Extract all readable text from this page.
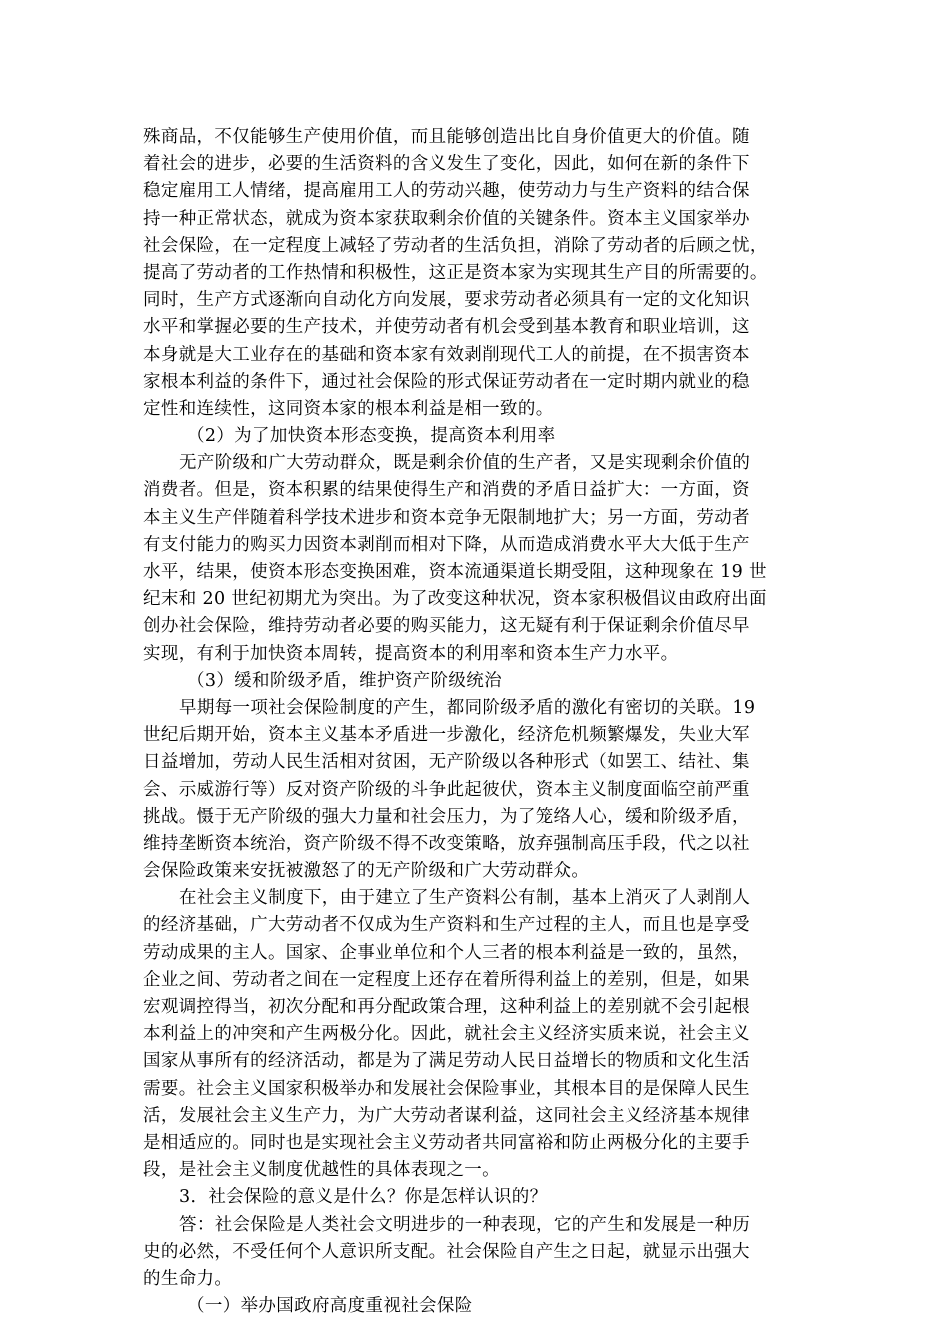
殊商品，不仅能够生产使用价值，而且能够创造出比自身价值更大的价值。随
着社会的进步，必要的生活资料的含义发生了变化，因此，如何在新的条件下
稳定雇用工人情绪，提高雇用工人的劳动兴趣，使劳动力与生产资料的结合保
持一种正常状态，就成为资本家获取剩余价值的关键条件。资本主义国家举办
社会保险，在一定程度上减轻了劳动者的生活负担，消除了劳动者的后顾之忧，
提高了劳动者的工作热情和积极性，这正是资本家为实现其生产目的所需要的。
同时，生产方式逐渐向自动化方向发展，要求劳动者必须具有一定的文化知识
水平和掌握必要的生产技术，并使劳动者有机会受到基本教育和职业培训，这
本身就是大工业存在的基础和资本家有效剥削现代工人的前提，在不损害资本
家根本利益的条件下，通过社会保险的形式保证劳动者在一定时期内就业的稳
定性和连续性，这同资本家的根本利益是相一致的。
（2）为了加快资本形态变换，提高资本利用率
无产阶级和广大劳动群众，既是剩余价值的生产者，又是实现剩余价值的
消费者。但是，资本积累的结果使得生产和消费的矛盾日益扩大：一方面，资
本主义生产伴随着科学技术进步和资本竞争无限制地扩大；另一方面，劳动者
有支付能力的购买力因资本剥削而相对下降，从而造成消费水平大大低于生产
水平，结果，使资本形态变换困难，资本流通渠道长期受阻，这种现象在 19 世
纪末和 20 世纪初期尤为突出。为了改变这种状况，资本家积极倡议由政府出面
创办社会保险，维持劳动者必要的购买能力，这无疑有利于保证剩余价值尽早
实现，有利于加快资本周转，提高资本的利用率和资本生产力水平。
（3）缓和阶级矛盾，维护资产阶级统治
早期每一项社会保险制度的产生，都同阶级矛盾的激化有密切的关联。19
世纪后期开始，资本主义基本矛盾进一步激化，经济危机频繁爆发，失业大军
日益增加，劳动人民生活相对贫困，无产阶级以各种形式（如罢工、结社、集
会、示威游行等）反对资产阶级的斗争此起彼伏，资本主义制度面临空前严重
挑战。慑于无产阶级的强大力量和社会压力，为了笼络人心，缓和阶级矛盾，
维持垄断资本统治，资产阶级不得不改变策略，放弃强制高压手段，代之以社
会保险政策来安抚被激怒了的无产阶级和广大劳动群众。
在社会主义制度下，由于建立了生产资料公有制，基本上消灭了人剥削人
的经济基础，广大劳动者不仅成为生产资料和生产过程的主人，而且也是享受
劳动成果的主人。国家、企事业单位和个人三者的根本利益是一致的，虽然，
企业之间、劳动者之间在一定程度上还存在着所得利益上的差别，但是，如果
宏观调控得当，初次分配和再分配政策合理，这种利益上的差别就不会引起根
本利益上的冲突和产生两极分化。因此，就社会主义经济实质来说，社会主义
国家从事所有的经济活动，都是为了满足劳动人民日益增长的物质和文化生活
需要。社会主义国家积极举办和发展社会保险事业，其根本目的是保障人民生
活，发展社会主义生产力，为广大劳动者谋利益，这同社会主义经济基本规律
是相适应的。同时也是实现社会主义劳动者共同富裕和防止两极分化的主要手
段，是社会主义制度优越性的具体表现之一。
3．社会保险的意义是什么？你是怎样认识的？
答：社会保险是人类社会文明进步的一种表现，它的产生和发展是一种历
史的必然，不受任何个人意识所支配。社会保险自产生之日起，就显示出强大
的生命力。
（一）举办国政府高度重视社会保险
